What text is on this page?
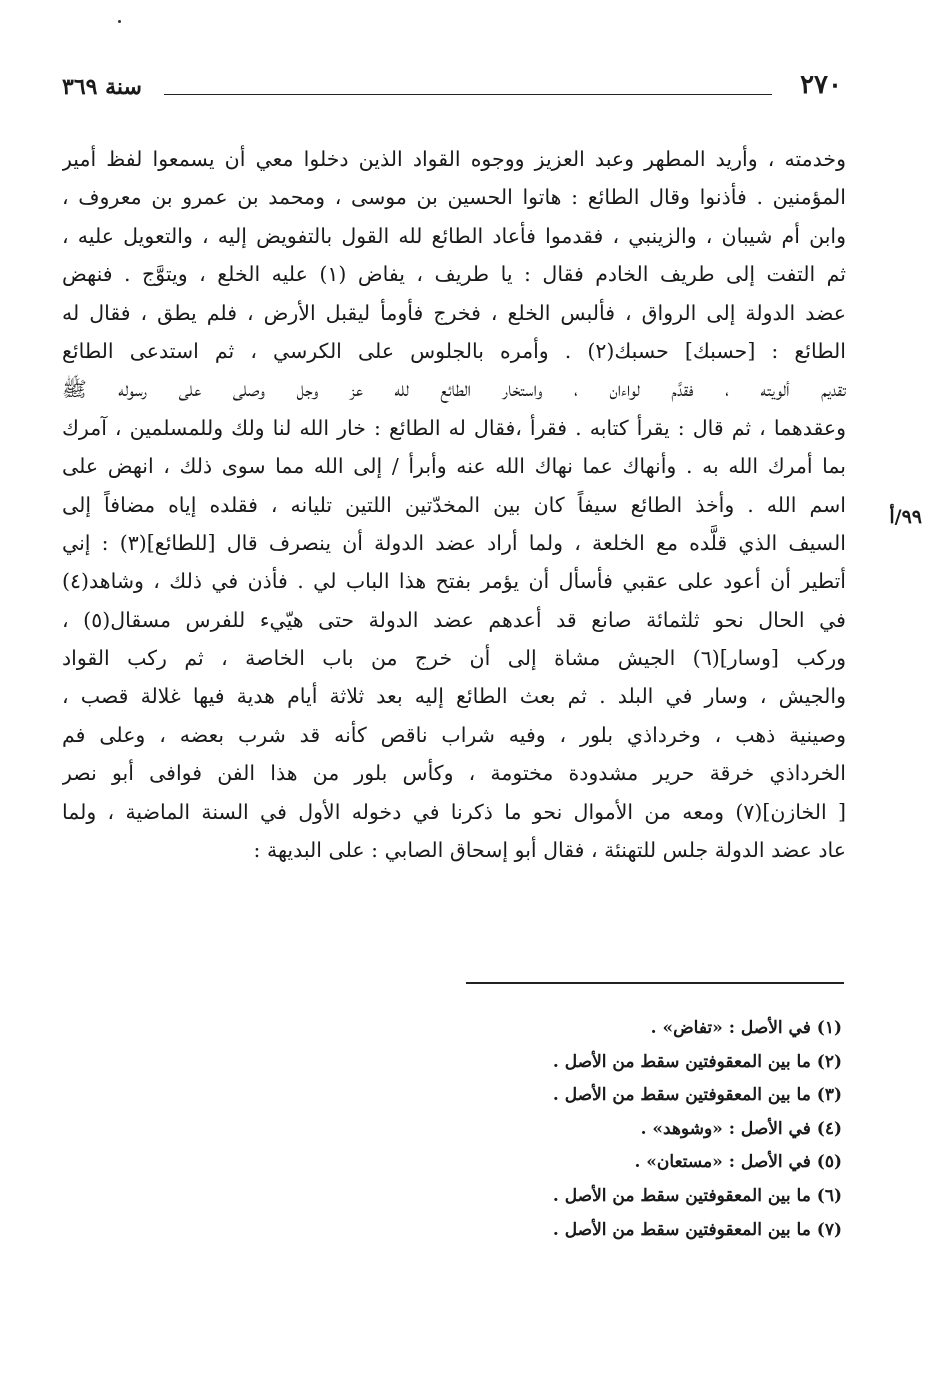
٢٧٠
سنة ٣٦٩
٩٩/أ
وخدمته ، وأريد المطهر وعبد العزيز ووجوه القواد الذين دخلوا معي أن يسمعوا لفظ أمير
المؤمنين . فأذنوا وقال الطائع : هاتوا الحسين بن موسى ، ومحمد بن عمرو بن معروف ،
وابن أم شيبان ، والزينبي ، فقدموا فأعاد الطائع لله القول بالتفويض إليه ، والتعويل عليه ،
ثم التفت إلى طريف الخادم فقال : يا طريف ، يفاض (١) عليه الخلع ، ويتوَّج . فنهض
عضد الدولة إلى الرواق ، فألبس الخلع ، فخرج فأومأ ليقبل الأرض ، فلم يطق ، فقال له
الطائع : [حسبك] حسبك(٢) . وأمره بالجلوس على الكرسي ، ثم استدعى الطائع
تقديم ألويته ، فقدَّم لواءان ، واستخار الطائع لله عز وجل وصلى على رسوله ﷺ
وعقدهما ، ثم قال : يقرأ كتابه . فقرأ ،فقال له الطائع : خار الله لنا ولك وللمسلمين ، آمرك
بما أمرك الله به . وأنهاك عما نهاك الله عنه وأبرأ / إلى الله مما سوى ذلك ، انهض على
اسم الله . وأخذ الطائع سيفاً كان بين المخدّتين اللتين تليانه ، فقلده إياه مضافاً إلى
السيف الذي قلَّده مع الخلعة ، ولما أراد عضد الدولة أن ينصرف قال [للطائع](٣) : إني
أتطير أن أعود على عقبي فأسأل أن يؤمر بفتح هذا الباب لي . فأذن في ذلك ، وشاهد(٤)
في الحال نحو ثلثمائة صانع قد أعدهم عضد الدولة حتى هيّيء للفرس مسقال(٥) ،
وركب [وسار](٦) الجيش مشاة إلى أن خرج من باب الخاصة ، ثم ركب القواد
والجيش ، وسار في البلد . ثم بعث الطائع إليه بعد ثلاثة أيام هدية فيها غلالة قصب ،
وصينية ذهب ، وخرداذي بلور ، وفيه شراب ناقص كأنه قد شرب بعضه ، وعلى فم
الخرداذي خرقة حرير مشدودة مختومة ، وكأس بلور من هذا الفن فوافى أبو نصر
[ الخازن](٧) ومعه من الأموال نحو ما ذكرنا في دخوله الأول في السنة الماضية ، ولما
عاد عضد الدولة جلس للتهنئة ، فقال أبو إسحاق الصابي : على البديهة :
(١) في الأصل : «تفاض» .
(٢) ما بين المعقوفتين سقط من الأصل .
(٣) ما بين المعقوفتين سقط من الأصل .
(٤) في الأصل : «وشوهد» .
(٥) في الأصل : «مستعان» .
(٦) ما بين المعقوفتين سقط من الأصل .
(٧) ما بين المعقوفتين سقط من الأصل .
